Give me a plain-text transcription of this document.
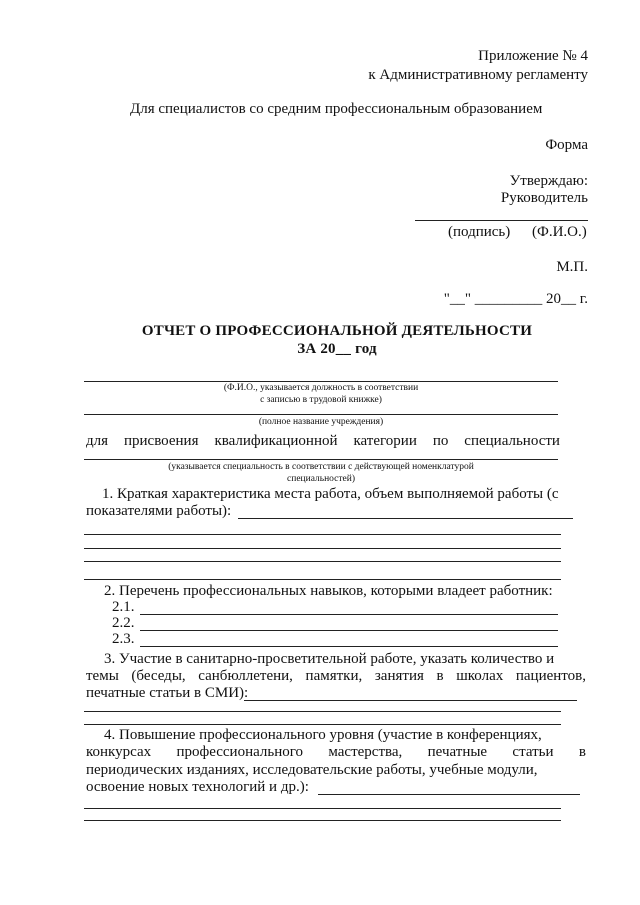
Приложение № 4
к Административному регламенту
Для специалистов со средним профессиональным образованием
Форма
Утверждаю:
Руководитель
(подпись) (Ф.И.О.)
М.П.
"__" _________ 20__ г.
ОТЧЕТ О ПРОФЕССИОНАЛЬНОЙ ДЕЯТЕЛЬНОСТИ
ЗА 20__ год
(Ф.И.О., указывается должность в соответствии
с записью в трудовой книжке)
(полное название учреждения)
для присвоения квалификационной категории по специальности
(указывается специальность в соответствии с действующей номенклатурой
специальностей)
1. Краткая характеристика места работа, объем выполняемой работы (с
показателями работы):
2. Перечень профессиональных навыков, которыми владеет работник:
2.1.
2.2.
2.3.
3. Участие в санитарно-просветительной работе, указать количество и
темы (беседы, санбюллетени, памятки, занятия в школах пациентов,
печатные статьи в СМИ):
4. Повышение профессионального уровня (участие в конференциях,
конкурсах профессионального мастерства, печатные статьи в
периодических изданиях, исследовательские работы, учебные модули,
освоение новых технологий и др.):
